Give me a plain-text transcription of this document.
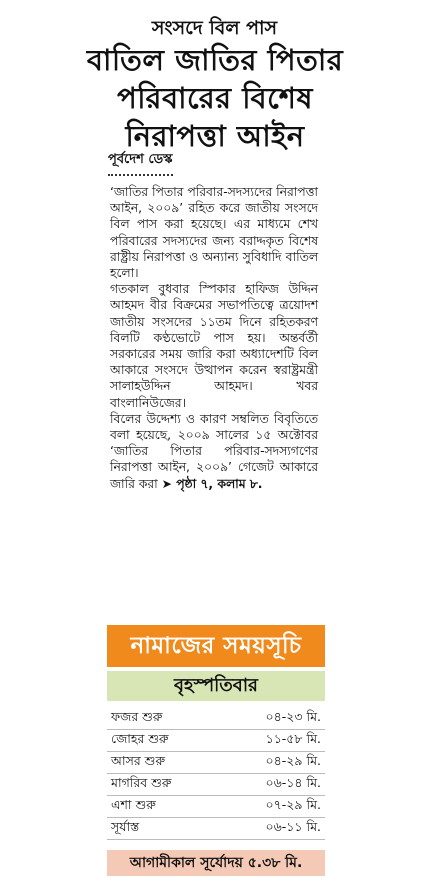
সংসদে বিল পাস
বাতিল জাতির পিতার
পরিবারের বিশেষ
নিরাপত্তা আইন
পূর্বদেশ ডেস্ক

‘জাতির পিতার পরিবার-সদস্যদের নিরাপত্তা আইন, ২০০৯’ রহিত করে জাতীয় সংসদে বিল পাস করা হয়েছে। এর মাধ্যমে শেখ পরিবারের সদস্যদের জন্য বরাদ্দকৃত বিশেষ রাষ্ট্রীয় নিরাপত্তা ও অন্যান্য সুবিধাদি বাতিল হলো।

গতকাল বুধবার স্পিকার হাফিজ উদ্দিন আহমদ বীর বিক্রমের সভাপতিত্বে ত্রয়োদশ জাতীয় সংসদের ১১তম দিনে রহিতকরণ বিলটি কণ্ঠভোটে পাস হয়। অন্তর্বর্তী সরকারের সময় জারি করা অধ্যাদেশটি বিল আকারে সংসদে উত্থাপন করেন স্বরাষ্ট্রমন্ত্রী সালাহউদ্দিন আহমদ। খবর বাংলানিউজের।

বিলের উদ্দেশ্য ও কারণ সম্বলিত বিবৃতিতে বলা হয়েছে, ২০০৯ সালের ১৫ অক্টোবর ‘জাতির পিতার পরিবার-সদস্যগণের নিরাপত্তা আইন, ২০০৯’ গেজেট আকারে জারি করা ➤ পৃষ্ঠা ৭, কলাম ৮.

নামাজের সময়সূচি
বৃহস্পতিবার
ফজর শুরু	০৪-২৩ মি.
জোহর শুরু	১১-৫৮ মি.
আসর শুরু	০৪-২৯ মি.
মাগরিব শুরু	০৬-১৪ মি.
এশা শুরু	০৭-২৯ মি.
সূর্যাস্ত	০৬-১১ মি.
আগামীকাল সূর্যোদয় ৫.৩৮ মি.
